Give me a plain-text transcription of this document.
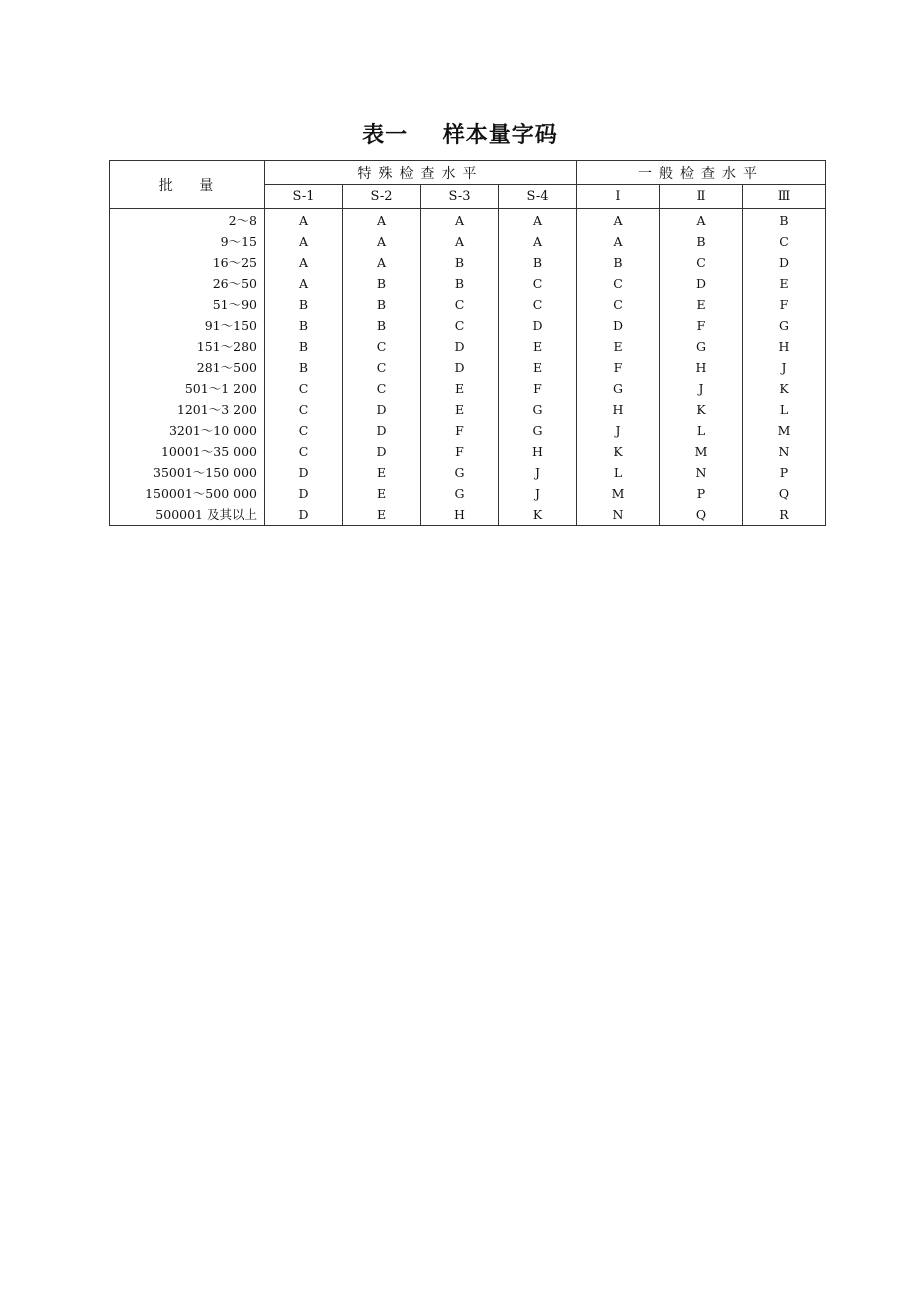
表一    样本量字码
批 量	特殊检查水平				一般检查水平		
	S-1	S-2	S-3	S-4	Ⅰ	Ⅱ	Ⅲ
2～8	A	A	A	A	A	A	B
9～15	A	A	A	A	A	B	C
16～25	A	A	B	B	B	C	D
26～50	A	B	B	C	C	D	E
51～90	B	B	C	C	C	E	F
91～150	B	B	C	D	D	F	G
151～280	B	C	D	E	E	G	H
281～500	B	C	D	E	F	H	J
501～1 200	C	C	E	F	G	J	K
1201～3 200	C	D	E	G	H	K	L
3201～10 000	C	D	F	G	J	L	M
10001～35 000	C	D	F	H	K	M	N
35001～150 000	D	E	G	J	L	N	P
150001～500 000	D	E	G	J	M	P	Q
500001 及其以上	D	E	H	K	N	Q	R
